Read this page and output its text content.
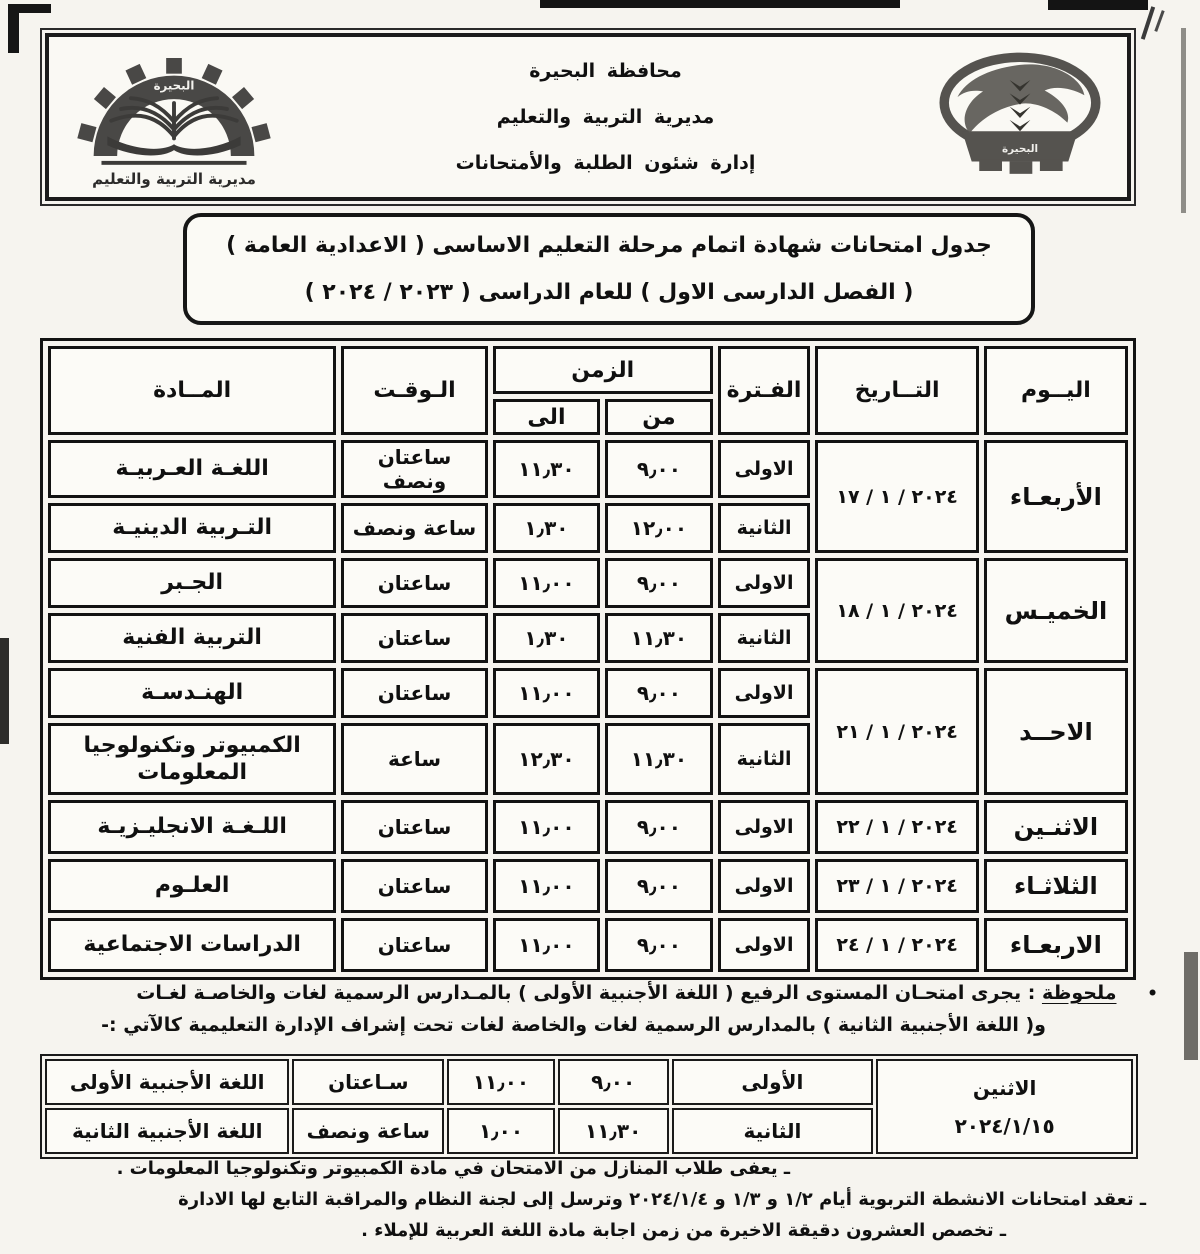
البحيرة
محافظة البحيرة
مديرية التربية والتعليم
إدارة شئون الطلبة والأمتحانات
البحيرة
مديرية التربية والتعليم

جدول امتحانات شهادة اتمام مرحلة التعليم الاساسى ( الاعدادية العامة )

( الفصل الدارسى الاول ) للعام الدراسى ( ٢٠٢٣ / ٢٠٢٤ )

اليــوم	التــاريخ	الفـترة	الزمن		الـوقـت	المــادة
			من	الى		
الأربعـاء	٢٠٢٤ / ١ / ١٧	الاولى	٩٫٠٠	١١٫٣٠	ساعتان ونصف	اللغـة العـربيـة
		الثانية	١٢٫٠٠	١٫٣٠	ساعة ونصف	التـربية الدينيـة
الخميـس	٢٠٢٤ / ١ / ١٨	الاولى	٩٫٠٠	١١٫٠٠	ساعتان	الجـبر
		الثانية	١١٫٣٠	١٫٣٠	ساعتان	التربية الفنية
الاحــد	٢٠٢٤ / ١ / ٢١	الاولى	٩٫٠٠	١١٫٠٠	ساعتان	الهنـدسـة
		الثانية	١١٫٣٠	١٢٫٣٠	ساعة	الكمبيوتر وتكنولوجيا المعلومات
الاثنـين	٢٠٢٤ / ١ / ٢٢	الاولى	٩٫٠٠	١١٫٠٠	ساعتان	اللـغـة الانجليـزيـة
الثلاثـاء	٢٠٢٤ / ١ / ٢٣	الاولى	٩٫٠٠	١١٫٠٠	ساعتان	العلـوم
الاربعـاء	٢٠٢٤ / ١ / ٢٤	الاولى	٩٫٠٠	١١٫٠٠	ساعتان	الدراسات الاجتماعية

• ملحوظة : يجرى امتحـان المستوى الرفيع ( اللغة الأجنبية الأولى ) بالمـدارس الرسمية لغات والخاصـة لغـات

و( اللغة الأجنبية الثانية ) بالمدارس الرسمية لغات والخاصة لغات تحت إشراف الإدارة التعليمية كالآتي :-

الاثنين
٢٠٢٤/١/١٥	الأولى	٩٫٠٠	١١٫٠٠	سـاعتان	اللغة الأجنبية الأولى
	الثانية	١١٫٣٠	١٫٠٠	ساعة ونصف	اللغة الأجنبية الثانية

ـ يعفى طلاب المنازل من الامتحان في مادة الكمبيوتر وتكنولوجيا المعلومات .

ـ تعقد امتحانات الانشطة التربوية أيام ١/٢ و ١/٣ و ٢٠٢٤/١/٤ وترسل إلى لجنة النظام والمراقبة التابع لها الادارة

ـ تخصص العشرون دقيقة الاخيرة من زمن اجابة مادة اللغة العربية للإملاء .
